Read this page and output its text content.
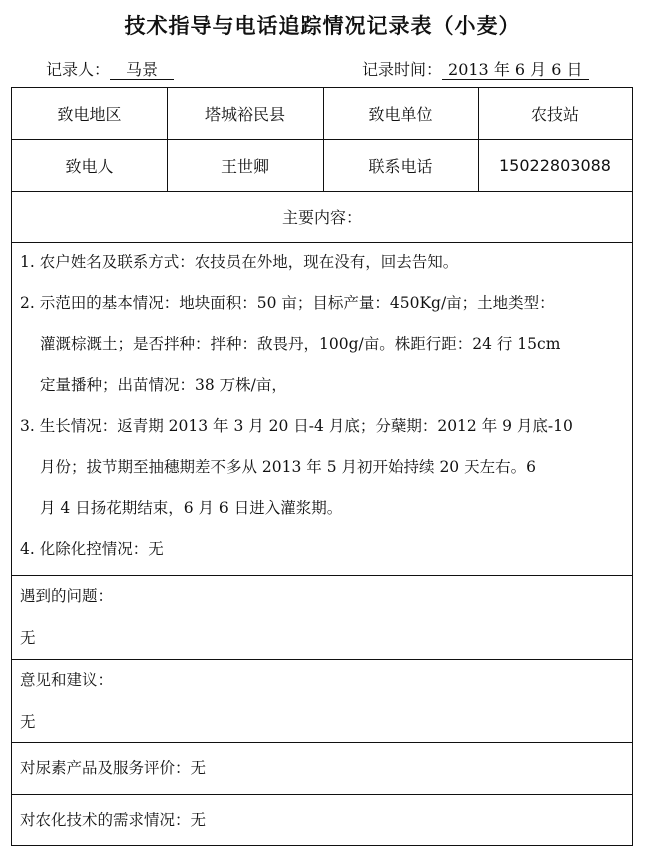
技术指导与电话追踪情况记录表（小麦）
记录人： 马景	记录时间： 2013 年 6 月 6 日
致电地区	塔城裕民县	致电单位	农技站
致电人	王世卿	联系电话	15022803088
主要内容：
1. 农户姓名及联系方式：农技员在外地，现在没有，回去告知。
2. 示范田的基本情况：地块面积：50 亩；目标产量：450Kg/亩；土地类型：
灌溉棕溉土；是否拌种：拌种：敌畏丹，100g/亩。株距行距：24 行 15cm
定量播种；出苗情况：38 万株/亩，
3. 生长情况：返青期 2013 年 3 月 20 日-4 月底；分蘖期：2012 年 9 月底-10
月份；拔节期至抽穗期差不多从 2013 年 5 月初开始持续 20 天左右。6
月 4 日扬花期结束，6 月 6 日进入灌浆期。
4. 化除化控情况：无
遇到的问题：
无
意见和建议：
无
对尿素产品及服务评价：无
对农化技术的需求情况：无
